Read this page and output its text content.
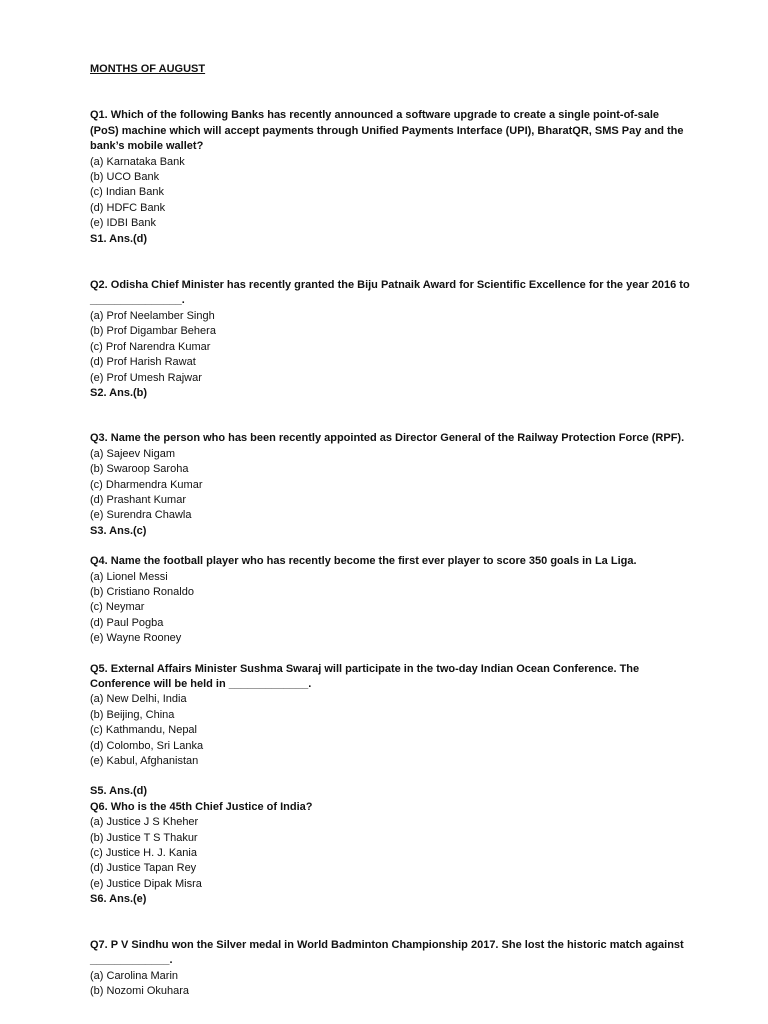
MONTHS OF AUGUST

Q1. Which of the following Banks has recently announced a software upgrade to create a single point-of-sale (PoS) machine which will accept payments through Unified Payments Interface (UPI), BharatQR, SMS Pay and the bank’s mobile wallet?

(a) Karnataka Bank

(b) UCO Bank

(c) Indian Bank

(d) HDFC Bank

(e) IDBI Bank

S1. Ans.(d)

Q2. Odisha Chief Minister has recently granted the Biju Patnaik Award for Scientific Excellence for the year 2016 to _______________.

(a) Prof Neelamber Singh

(b) Prof Digambar Behera

(c) Prof Narendra Kumar

(d) Prof Harish Rawat

(e) Prof Umesh Rajwar

S2. Ans.(b)

Q3. Name the person who has been recently appointed as Director General of the Railway Protection Force (RPF).

(a) Sajeev Nigam

(b) Swaroop Saroha

(c) Dharmendra Kumar

(d) Prashant Kumar

(e) Surendra Chawla

S3. Ans.(c)

Q4. Name the football player who has recently become the first ever player to score 350 goals in La Liga.

(a) Lionel Messi

(b) Cristiano Ronaldo

(c) Neymar

(d) Paul Pogba

(e) Wayne Rooney

Q5. External Affairs Minister Sushma Swaraj will participate in the two-day Indian Ocean Conference. The Conference will be held in _____________.

(a) New Delhi, India

(b) Beijing, China

(c) Kathmandu, Nepal

(d) Colombo, Sri Lanka

(e) Kabul, Afghanistan

S5. Ans.(d)

Q6. Who is the 45th Chief Justice of India?

(a) Justice J S Kheher

(b) Justice T S Thakur

(c) Justice H. J. Kania

(d) Justice Tapan Rey

(e) Justice Dipak Misra

S6. Ans.(e)

Q7. P V Sindhu won the Silver medal in World Badminton Championship 2017. She lost the historic match against _____________.

(a) Carolina Marin

(b) Nozomi Okuhara
